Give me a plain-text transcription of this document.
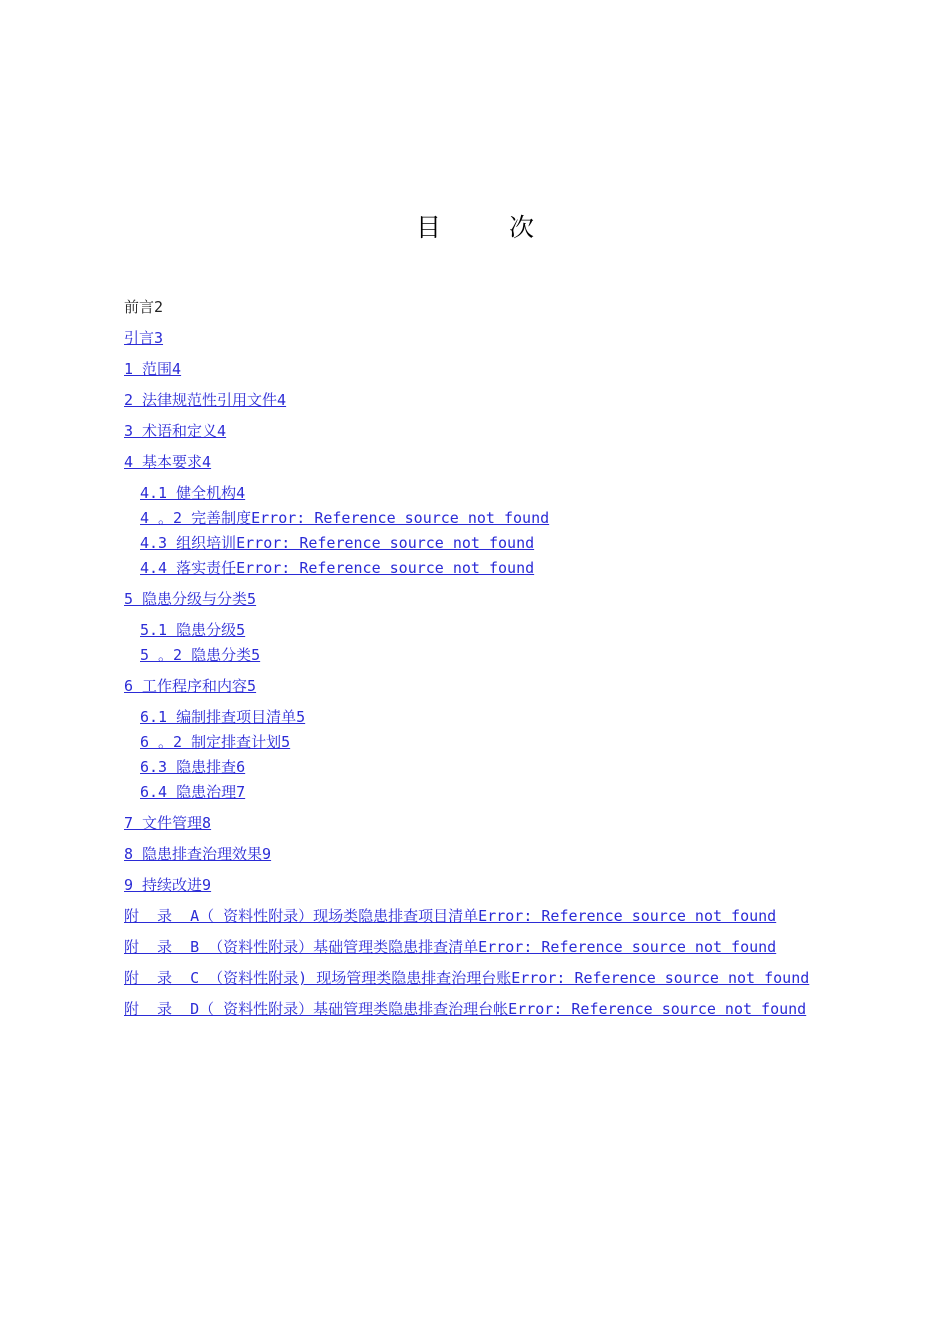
目	次
前言2
引言3
1 范围4
2 法律规范性引用文件4
3 术语和定义4
4 基本要求4
4.1 健全机构4
4 。2 完善制度Error: Reference source not found
4.3 组织培训Error: Reference source not found
4.4 落实责任Error: Reference source not found
5 隐患分级与分类5
5.1 隐患分级5
5 。2 隐患分类5
6 工作程序和内容5
6.1 编制排查项目清单5
6 。2 制定排查计划5
6.3 隐患排查6
6.4 隐患治理7
7 文件管理8
8 隐患排查治理效果9
9 持续改进9
附  录  A（ 资料性附录）现场类隐患排查项目清单Error: Reference source not found
附  录  B （资料性附录）基础管理类隐患排查清单Error: Reference source not found
附  录  C （资料性附录) 现场管理类隐患排查治理台账Error: Reference source not found
附  录  D（ 资料性附录）基础管理类隐患排查治理台帐Error: Reference source not found
